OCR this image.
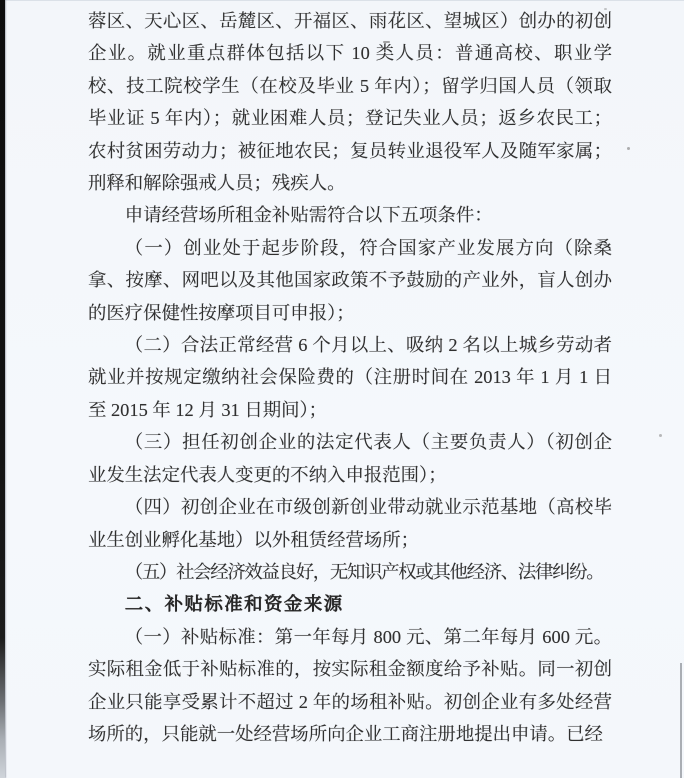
蓉区、天心区、岳麓区、开福区、雨花区、望城区）创办的初创企业。就业重点群体包括以下 10 类人员：普通高校、职业学校、技工院校学生（在校及毕业 5 年内）；留学归国人员（领取毕业证 5 年内）；就业困难人员；登记失业人员；返乡农民工；农村贫困劳动力；被征地农民；复员转业退役军人及随军家属；刑释和解除强戒人员；残疾人。

申请经营场所租金补贴需符合以下五项条件：

（一）创业处于起步阶段，符合国家产业发展方向（除桑拿、按摩、网吧以及其他国家政策不予鼓励的产业外，盲人创办的医疗保健性按摩项目可申报）；

（二）合法正常经营 6 个月以上、吸纳 2 名以上城乡劳动者就业并按规定缴纳社会保险费的（注册时间在 2013 年 1 月 1 日至 2015 年 12 月 31 日期间）；

（三）担任初创企业的法定代表人（主要负责人）（初创企业发生法定代表人变更的不纳入申报范围）；

（四）初创企业在市级创新创业带动就业示范基地（高校毕业生创业孵化基地）以外租赁经营场所；

（五）社会经济效益良好，无知识产权或其他经济、法律纠纷。

二、补贴标准和资金来源

（一）补贴标准：第一年每月 800 元、第二年每月 600 元。实际租金低于补贴标准的，按实际租金额度给予补贴。同一初创企业只能享受累计不超过 2 年的场租补贴。初创企业有多处经营场所的，只能就一处经营场所向企业工商注册地提出申请。已经
